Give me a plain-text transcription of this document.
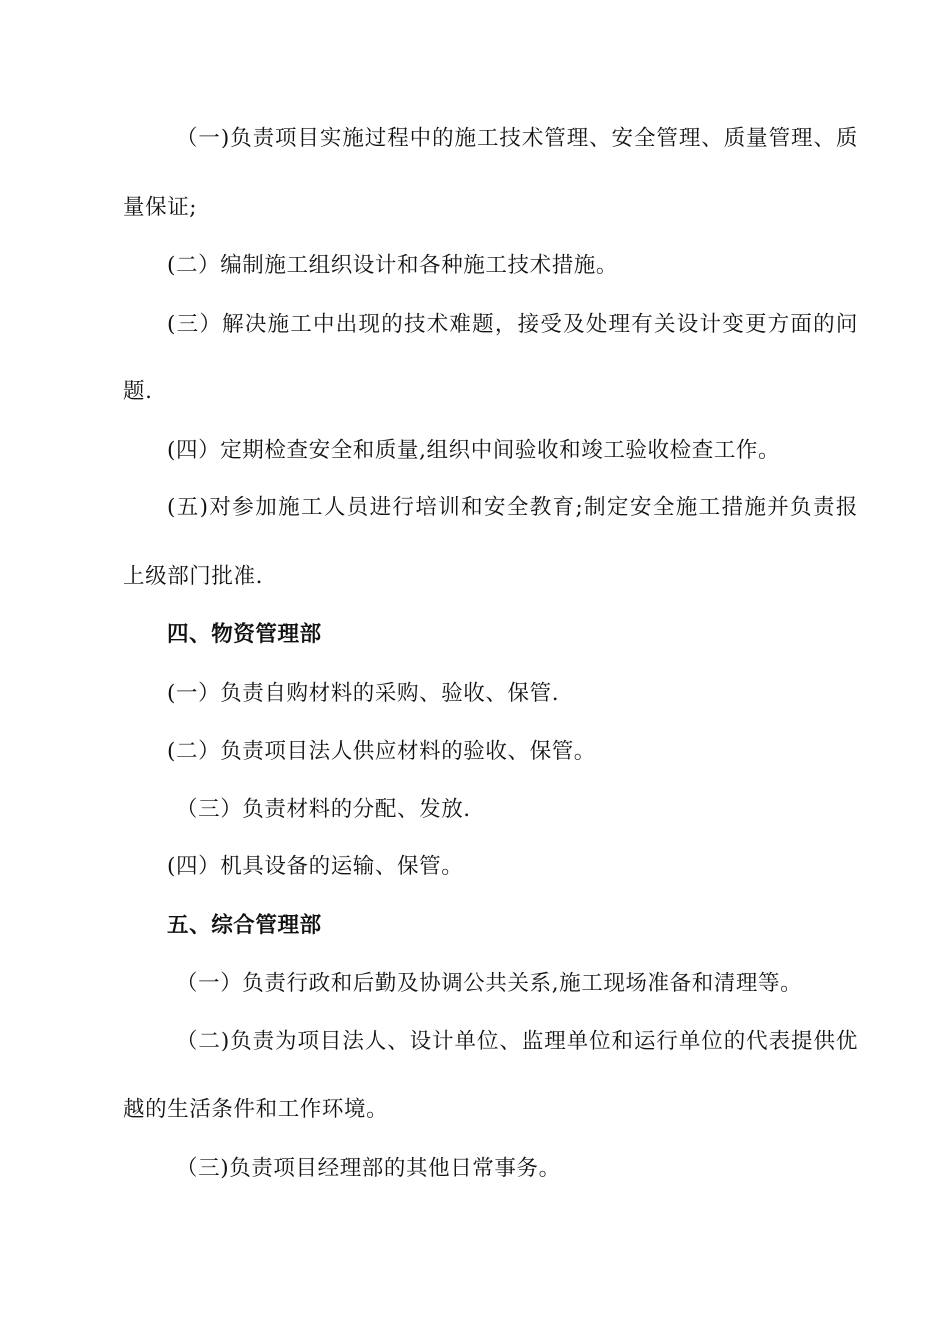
（一)负责项目实施过程中的施工技术管理、安全管理、质量管理、质
量保证;
(二）编制施工组织设计和各种施工技术措施。
(三）解决施工中出现的技术难题，接受及处理有关设计变更方面的问
题.
(四）定期检查安全和质量,组织中间验收和竣工验收检查工作。
(五)对参加施工人员进行培训和安全教育;制定安全施工措施并负责报
上级部门批准.
四、物资管理部
(一）负责自购材料的采购、验收、保管.
(二）负责项目法人供应材料的验收、保管。
（三）负责材料的分配、发放.
(四）机具设备的运输、保管。
五、综合管理部
（一）负责行政和后勤及协调公共关系,施工现场准备和清理等。
（二)负责为项目法人、设计单位、监理单位和运行单位的代表提供优
越的生活条件和工作环境。
（三)负责项目经理部的其他日常事务。
